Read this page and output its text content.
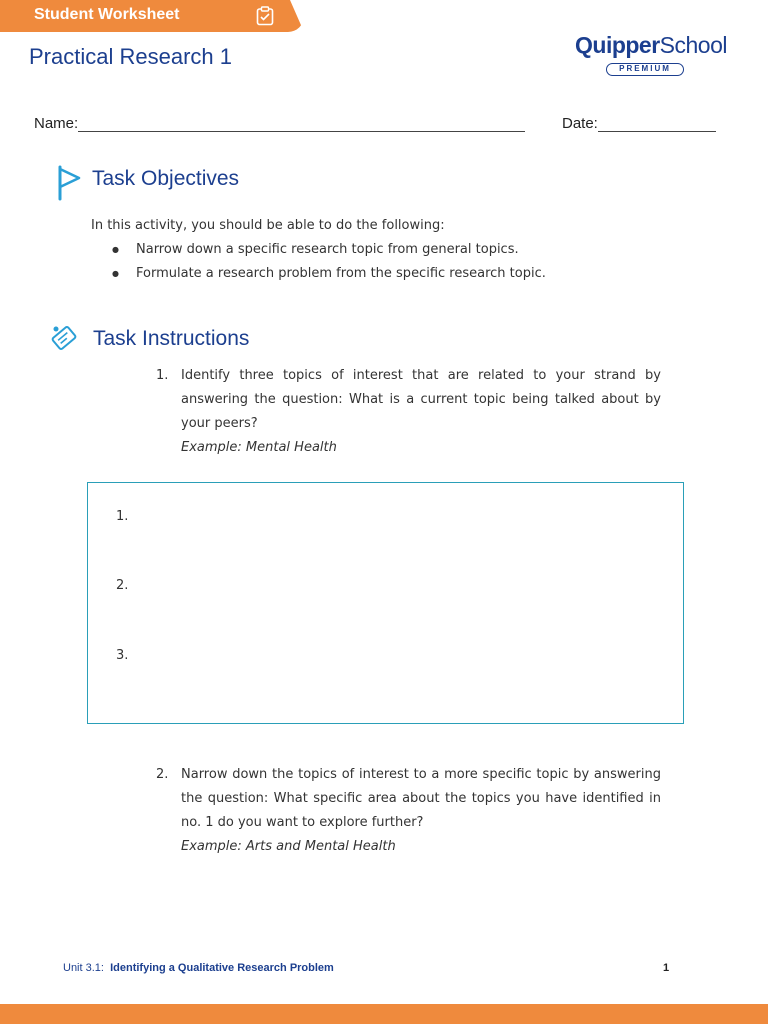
Student Worksheet
Practical Research 1	QuipperSchool
PREMIUM
Name:	Date:
Task Objectives
In this activity, you should be able to do the following:
● Narrow down a specific research topic from general topics.
● Formulate a research problem from the specific research topic.
Task Instructions
1. Identify three topics of interest that are related to your strand by answering the question: What is a current topic being talked about by your peers?
Example: Mental Health
1.
2.
3.
2. Narrow down the topics of interest to a more specific topic by answering the question: What specific area about the topics you have identified in no. 1 do you want to explore further?
Example: Arts and Mental Health
Unit 3.1: Identifying a Qualitative Research Problem	1
